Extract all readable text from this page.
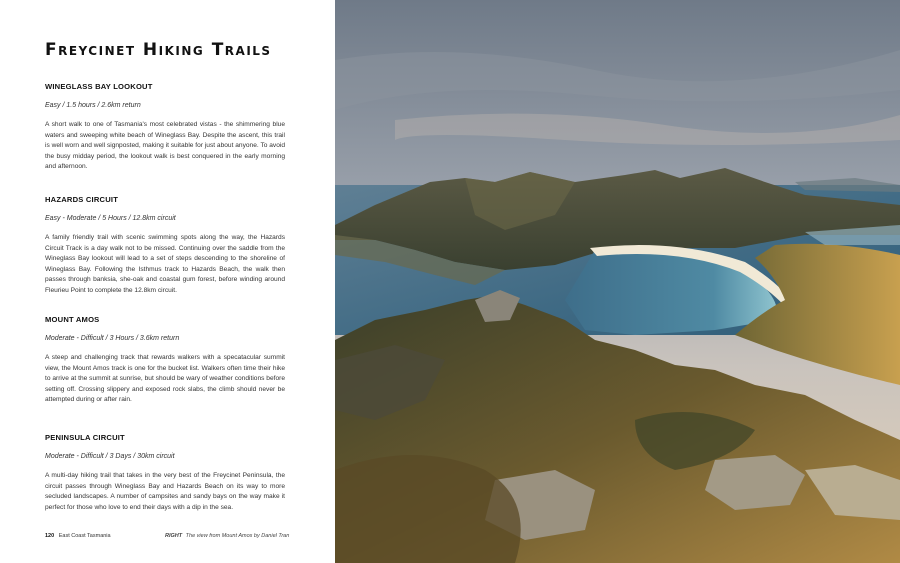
Freycinet Hiking Trails
WINEGLASS BAY LOOKOUT

Easy / 1.5 hours / 2.6km return

A short walk to one of Tasmania's most celebrated vistas - the shimmering blue waters and sweeping white beach of Wineglass Bay. Despite the ascent, this trail is well worn and well signposted, making it suitable for just about anyone. To avoid the busy midday period, the lookout walk is best conquered in the early morning and afternoon.

HAZARDS CIRCUIT

Easy - Moderate / 5 Hours / 12.8km circuit

A family friendly trail with scenic swimming spots along the way, the Hazards Circuit Track is a day walk not to be missed. Continuing over the saddle from the Wineglass Bay lookout will lead to a set of steps descending to the shoreline of Wineglass Bay. Following the Isthmus track to Hazards Beach, the walk then passes through banksia, she-oak and coastal gum forest, before winding around Fleurieu Point to complete the 12.8km circuit.

MOUNT AMOS

Moderate - Difficult / 3 Hours / 3.6km return

A steep and challenging track that rewards walkers with a specatacular summit view, the Mount Amos track is one for the bucket list. Walkers often time their hike to arrive at the summit at sunrise, but should be wary of weather conditions before setting off. Crossing slippery and exposed rock slabs, the climb should never be attempted during or after rain.

PENINSULA CIRCUIT

Moderate - Difficult / 3 Days / 30km circuit

A multi-day hiking trail that takes in the very best of the Freycinet Peninsula, the circuit passes through Wineglass Bay and Hazards Beach on its way to more secluded landscapes. A number of campsites and sandy bays on the way make it perfect for those who love to end their days with a dip in the sea.

120 East Coast Tasmania	RIGHT The view from Mount Amos by Daniel Tran
